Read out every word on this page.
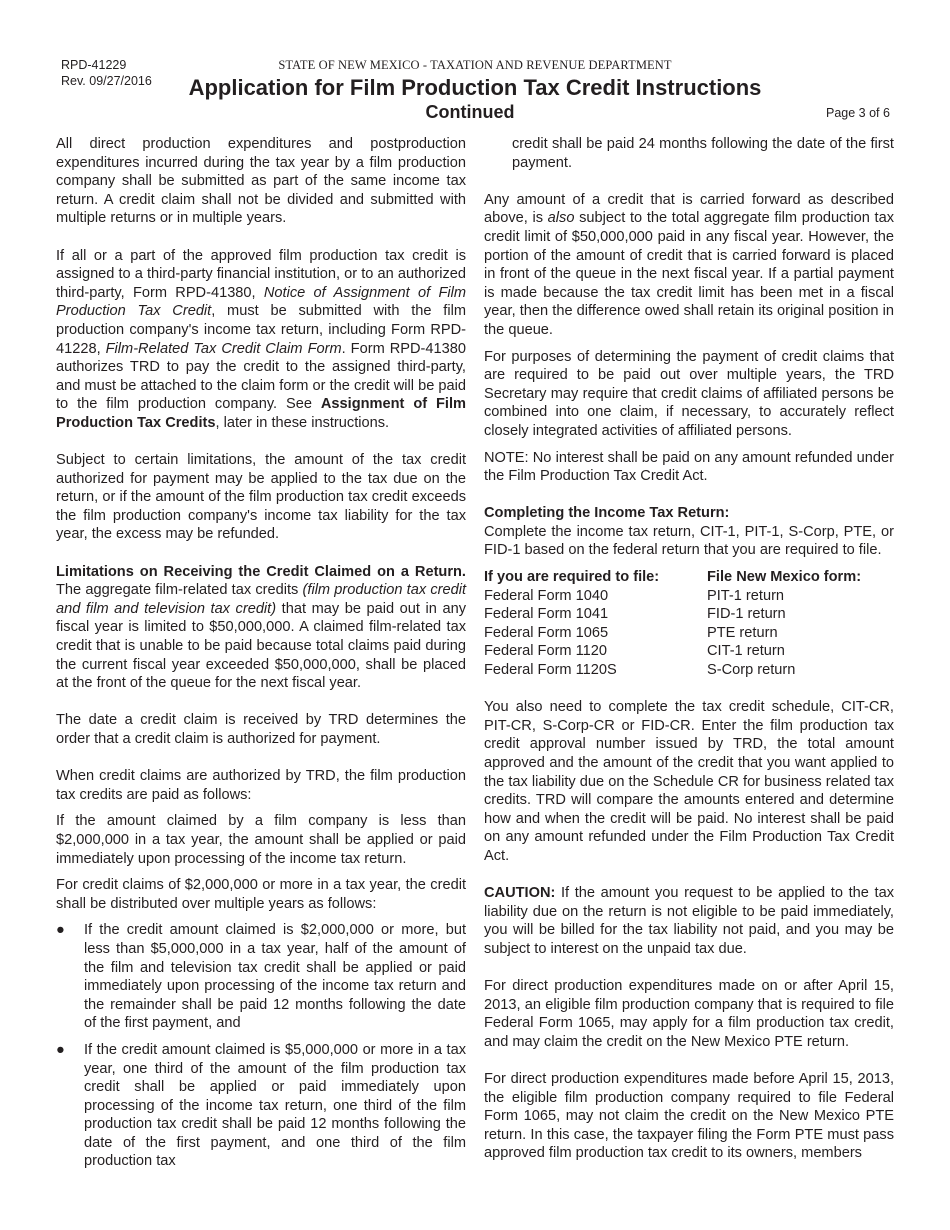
RPD-41229
Rev. 09/27/2016
STATE OF NEW MEXICO - TAXATION AND REVENUE DEPARTMENT
Application for Film Production Tax Credit Instructions
Continued	Page 3 of 6

All direct production expenditures and postproduction expenditures incurred during the tax year by a film production company shall be submitted as part of the same income tax return. A credit claim shall not be divided and submitted with multiple returns or in multiple years.

If all or a part of the approved film production tax credit is assigned to a third-party financial institution, or to an authorized third-party, Form RPD-41380, Notice of Assignment of Film Production Tax Credit, must be submitted with the film production company's income tax return, including Form RPD-41228, Film-Related Tax Credit Claim Form. Form RPD-41380 authorizes TRD to pay the credit to the assigned third-party, and must be attached to the claim form or the credit will be paid to the film production company. See Assignment of Film Production Tax Credits, later in these instructions.

Subject to certain limitations, the amount of the tax credit authorized for payment may be applied to the tax due on the return, or if the amount of the film production tax credit exceeds the film production company's income tax liability for the tax year, the excess may be refunded.

Limitations on Receiving the Credit Claimed on a Return. The aggregate film-related tax credits (film production tax credit and film and television tax credit) that may be paid out in any fiscal year is limited to $50,000,000. A claimed film-related tax credit that is unable to be paid because total claims paid during the current fiscal year exceeded $50,000,000, shall be placed at the front of the queue for the next fiscal year.

The date a credit claim is received by TRD determines the order that a credit claim is authorized for payment.

When credit claims are authorized by TRD, the film production tax credits are paid as follows:

If the amount claimed by a film company is less than $2,000,000 in a tax year, the amount shall be applied or paid immediately upon processing of the income tax return.

For credit claims of $2,000,000 or more in a tax year, the credit shall be distributed over multiple years as follows:

● If the credit amount claimed is $2,000,000 or more, but less than $5,000,000 in a tax year, half of the amount of the film and television tax credit shall be applied or paid immediately upon processing of the income tax return and the remainder shall be paid 12 months following the date of the first payment, and
● If the credit amount claimed is $5,000,000 or more in a tax year, one third of the amount of the film production tax credit shall be applied or paid immediately upon processing of the income tax return, one third of the film production tax credit shall be paid 12 months following the date of the first payment, and one third of the film production tax

credit shall be paid 24 months following the date of the first payment.

Any amount of a credit that is carried forward as described above, is also subject to the total aggregate film production tax credit limit of $50,000,000 paid in any fiscal year. However, the portion of the amount of credit that is carried forward is placed in front of the queue in the next fiscal year. If a partial payment is made because the tax credit limit has been met in a fiscal year, then the difference owed shall retain its original position in the queue.

For purposes of determining the payment of credit claims that are required to be paid out over multiple years, the TRD Secretary may require that credit claims of affiliated persons be combined into one claim, if necessary, to accurately reflect closely integrated activities of affiliated persons.

NOTE: No interest shall be paid on any amount refunded under the Film Production Tax Credit Act.

Completing the Income Tax Return:

Complete the income tax return, CIT-1, PIT-1, S-Corp, PTE, or FID-1 based on the federal return that you are required to file.

If you are required to file:	File New Mexico form:
Federal Form 1040	PIT-1 return
Federal Form 1041	FID-1 return
Federal Form 1065	PTE return
Federal Form 1120	CIT-1 return
Federal Form 1120S	S-Corp return

You also need to complete the tax credit schedule, CIT-CR, PIT-CR, S-Corp-CR or FID-CR. Enter the film production tax credit approval number issued by TRD, the total amount approved and the amount of the credit that you want applied to the tax liability due on the Schedule CR for business related tax credits. TRD will compare the amounts entered and determine how and when the credit will be paid. No interest shall be paid on any amount refunded under the Film Production Tax Credit Act.

CAUTION: If the amount you request to be applied to the tax liability due on the return is not eligible to be paid immediately, you will be billed for the tax liability not paid, and you may be subject to interest on the unpaid tax due.

For direct production expenditures made on or after April 15, 2013, an eligible film production company that is required to file Federal Form 1065, may apply for a film production tax credit, and may claim the credit on the New Mexico PTE return.

For direct production expenditures made before April 15, 2013, the eligible film production company required to file Federal Form 1065, may not claim the credit on the New Mexico PTE return. In this case, the taxpayer filing the Form PTE must pass approved film production tax credit to its owners, members
